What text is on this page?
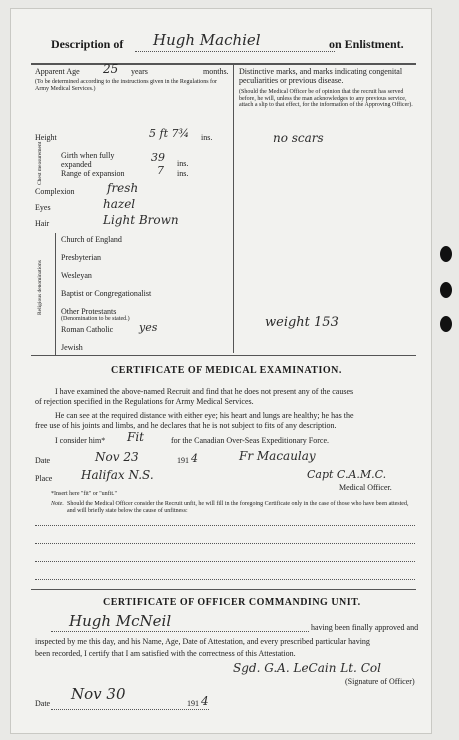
Description of Hugh Machiel	on Enlistment.
Apparent Age 25 years	months.
(To be determined according to the instructions given in the Regulations for Army Medical Services.)
Distinctive marks, and marks indicating congenital peculiarities or previous disease.
(Should the Medical Officer be of opinion that the recruit has served before, he will, unless the man acknowledges to any previous service, attach a slip to that effect, for the information of the Approving Officer).
no scars
weight 153
Height	5 ft 7¾ ins.
Chest measurement Girth when fully expanded
39 ins.
Range of expansion	7 ins.
Complexion	fresh
Eyes	hazel
Hair	Light Brown
Religious denominations
Church of England
Presbyterian
Wesleyan
Baptist or Congregationalist
Other Protestants
(Denomination to be stated.)
Roman Catholic yes
Jewish
CERTIFICATE OF MEDICAL EXAMINATION.
I have examined the above-named Recruit and find that he does not present any of the causes
of rejection specified in the Regulations for Army Medical Services.
He can see at the required distance with either eye; his heart and lungs are healthy; he has the
free use of his joints and limbs, and he declares that he is not subject to fits of any description.
I consider him* Fit	for the Canadian Over-Seas Expeditionary Force.
Date	Nov 23	191 4	Fr Macaulay
Place Halifax N.S.	Capt C.A.M.C.
Medical Officer.
*Insert here "fit" or "unfit."
Note. Should the Medical Officer consider the Recruit unfit, he will fill in the foregoing Certificate only in the case of those who have been attested, and will briefly state below the cause of unfitness:
CERTIFICATE OF OFFICER COMMANDING UNIT.
Hugh McNeil	having been finally approved and
inspected by me this day, and his Name, Age, Date of Attestation, and every prescribed particular having
been recorded, I certify that I am satisfied with the correctness of this Attestation.
Sgd. G.A. LeCain Lt. Col
(Signature of Officer)
Date
Nov 30
191 4
